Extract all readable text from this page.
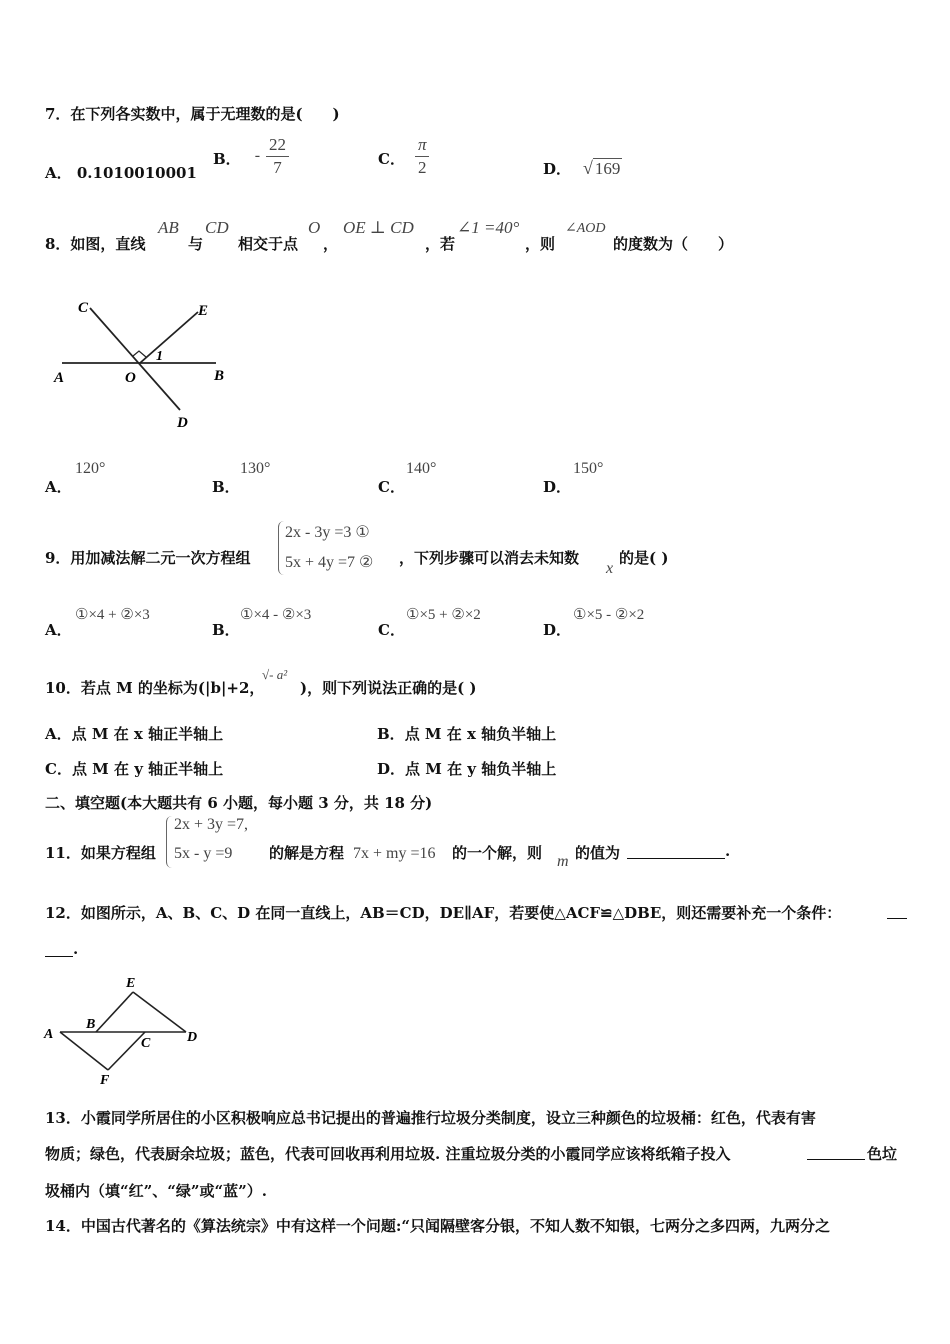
7．在下列各实数中，属于无理数的是(　　)
A． 0.1010010001
B． - $\frac{22}{7}$	C． $\frac{\pi}{2}$	D． √ 169
8．如图，直线
AB
与
CD
相交于点
O
，
OE ⊥ CD
，若
∠1 =40°
，则
∠AOD
的度数为（　　）
C	E
A	O	B
D
1
A．
120°
B．
130°
C．
140°
D．
150°
9．用加减法解二元一次方程组
2x - 3y =3 ①
5x + 4y =7 ② ，下列步骤可以消去未知数
x
的是( )
A．
①×4 + ②×3
B．
①×4 - ②×3
C．
①×5 + ②×2
D．
①×5 - ②×2
10．若点 M 的坐标为(|b|+2，
√- a²
)，则下列说法正确的是( )
A．点 M 在 x 轴正半轴上	B．点 M 在 x 轴负半轴上
C．点 M 在 y 轴正半轴上	D．点 M 在 y 轴负半轴上
二、填空题(本大题共有 6 小题，每小题 3 分，共 18 分)
11．如果方程组
2x + 3y =7,
5x - y =9 的解是方程 7x + my =16 的一个解，则 m 的值为	.
12．如图所示，A、B、C、D 在同一直线上，AB＝CD，DE∥AF，若要使△ACF≌△DBE，则还需要补充一个条件：
.
E
A
B
C	D
F
13．小霞同学所居住的小区积极响应总书记提出的普遍推行垃圾分类制度，设立三种颜色的垃圾桶：红色，代表有害
物质；绿色，代表厨余垃圾；蓝色，代表可回收再利用垃圾. 注重垃圾分类的小霞同学应该将纸箱子投入	色垃
圾桶内（填“红”、“绿”或“蓝”）.
14．中国古代著名的《算法统宗》中有这样一个问题:“只闻隔壁客分银，不知人数不知银，七两分之多四两，九两分之
